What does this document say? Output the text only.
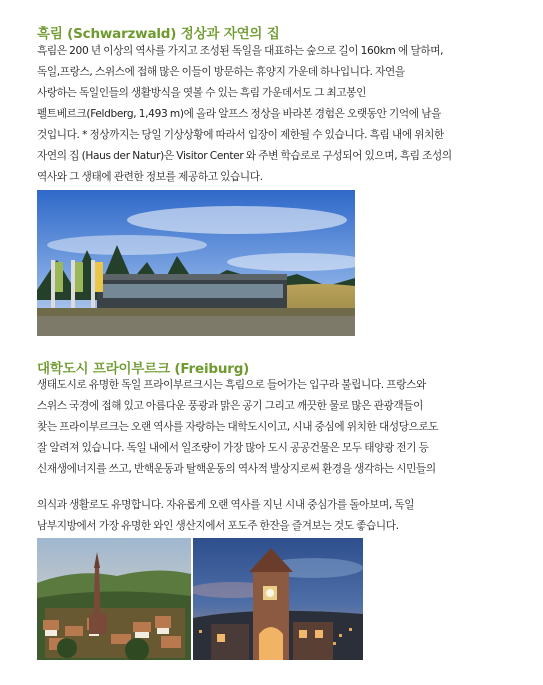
흑림 (Schwarzwald) 정상과 자연의 집
흑림은 200 년 이상의 역사를 가지고 조성된 독일을 대표하는 숲으로 길이 160km 에 달하며,
독일,프랑스, 스위스에 접해 많은 이들이 방문하는 휴양지 가운데 하나입니다. 자연을
사랑하는 독일인들의 생활방식을 엿볼 수 있는 흑림 가운데서도 그 최고봉인
펠트베르크(Feldberg, 1,493 m)에 올라 알프스 정상을 바라본 경험은 오랫동안 기억에 남을
것입니다. * 정상까지는 당일 기상상황에 따라서 입장이 제한될 수 있습니다. 흑림 내에 위치한
자연의 집 (Haus der Natur)은 Visitor Center 와 주변 학습로로 구성되어 있으며, 흑림 조성의
역사와 그 생태에 관련한 정보를 제공하고 있습니다.
대학도시 프라이부르크 (Freiburg)
생태도시로 유명한 독일 프라이부르크시는 흑림으로 들어가는 입구라 불립니다. 프랑스와
스위스 국경에 접해 있고 아름다운 풍광과 맑은 공기 그리고 깨끗한 물로 많은 관광객들이
찾는 프라이부르크는 오랜 역사를 자랑하는 대학도시이고, 시내 중심에 위치한 대성당으로도
잘 알려져 있습니다. 독일 내에서 일조량이 가장 많아 도시 공공건물은 모두 태양광 전기 등
신재생에너지를 쓰고, 반핵운동과 탈핵운동의 역사적 발상지로써 환경을 생각하는 시민들의
의식과 생활로도 유명합니다. 자유롭게 오랜 역사를 지닌 시내 중심가를 돌아보며, 독일
남부지방에서 가장 유명한 와인 생산지에서 포도주 한잔을 즐겨보는 것도 좋습니다.
